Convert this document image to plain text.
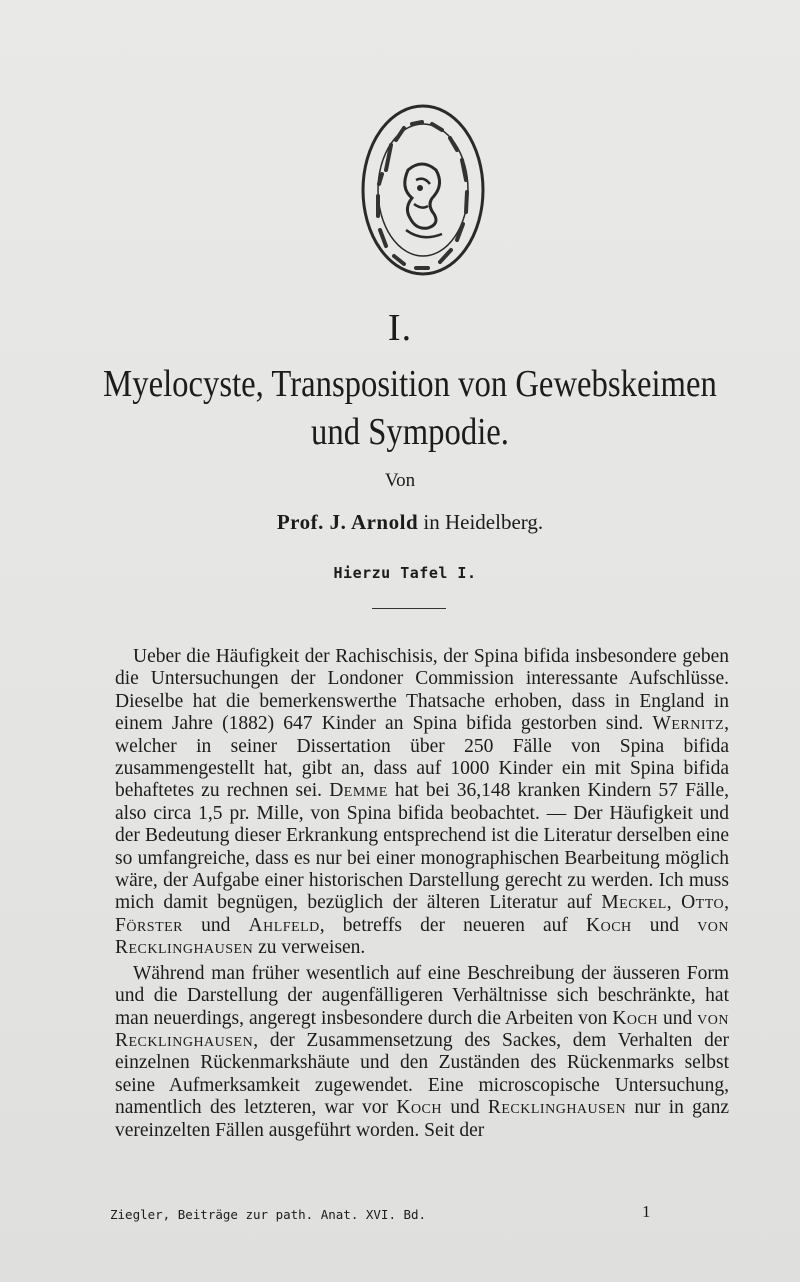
I.
Myelocyste, Transposition von Gewebskeimen
und Sympodie.
Von
Prof. J. Arnold in Heidelberg.
Hierzu Tafel I.

Ueber die Häufigkeit der Rachischisis, der Spina bifida insbesondere geben die Untersuchungen der Londoner Commission interessante Aufschlüsse. Dieselbe hat die bemerkenswerthe Thatsache erhoben, dass in England in einem Jahre (1882) 647 Kinder an Spina bifida gestorben sind. Wernitz, welcher in seiner Dissertation über 250 Fälle von Spina bifida zusammengestellt hat, gibt an, dass auf 1000 Kinder ein mit Spina bifida behaftetes zu rechnen sei. Demme hat bei 36,148 kranken Kindern 57 Fälle, also circa 1,5 pr. Mille, von Spina bifida beobachtet. — Der Häufigkeit und der Bedeutung dieser Erkrankung entsprechend ist die Literatur derselben eine so umfangreiche, dass es nur bei einer monographischen Bearbeitung möglich wäre, der Aufgabe einer historischen Darstellung gerecht zu werden. Ich muss mich damit begnügen, bezüglich der älteren Literatur auf Meckel, Otto, Förster und Ahlfeld, betreffs der neueren auf Koch und von Recklinghausen zu verweisen.

Während man früher wesentlich auf eine Beschreibung der äusseren Form und die Darstellung der augenfälligeren Verhältnisse sich beschränkte, hat man neuerdings, angeregt insbesondere durch die Arbeiten von Koch und von Recklinghausen, der Zusammensetzung des Sackes, dem Verhalten der einzelnen Rückenmarkshäute und den Zuständen des Rückenmarks selbst seine Aufmerksamkeit zugewendet. Eine microscopische Untersuchung, namentlich des letzteren, war vor Koch und Recklinghausen nur in ganz vereinzelten Fällen ausgeführt worden. Seit der

Ziegler, Beiträge zur path. Anat. XVI. Bd.	1
